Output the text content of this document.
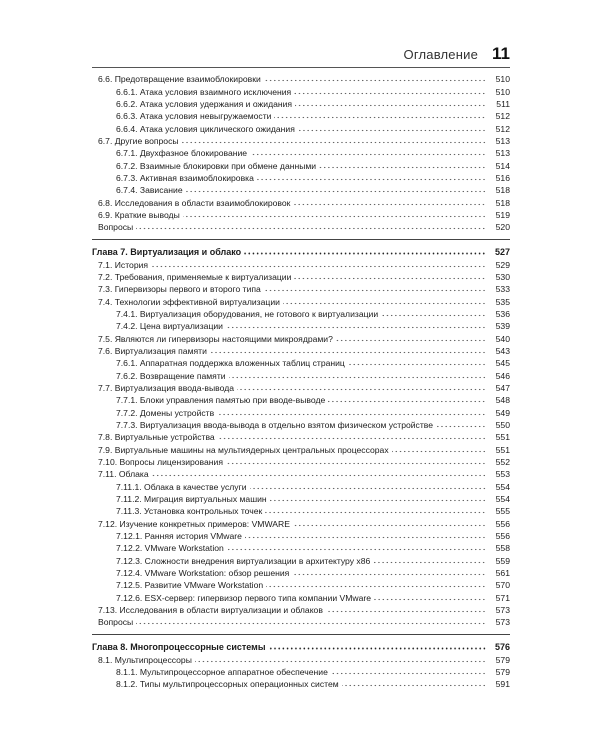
Оглавление 11
6.6. Предотвращение взаимоблокировки	510
6.6.1. Атака условия взаимного исключения	510
6.6.2. Атака условия удержания и ожидания	511
6.6.3. Атака условия невыгружаемости	512
6.6.4. Атака условия циклического ожидания	512
6.7. Другие вопросы	513
6.7.1. Двухфазное блокирование	513
6.7.2. Взаимные блокировки при обмене данными	514
6.7.3. Активная взаимоблокировка	516
6.7.4. Зависание	518
6.8. Исследования в области взаимоблокировок	518
6.9. Краткие выводы	519
Вопросы	520
Глава 7. Виртуализация и облако	527
7.1. История	529
7.2. Требования, применяемые к виртуализации	530
7.3. Гипервизоры первого и второго типа	533
7.4. Технологии эффективной виртуализации	535
7.4.1. Виртуализация оборудования, не готового к виртуализации	536
7.4.2. Цена виртуализации	539
7.5. Являются ли гипервизоры настоящими микроядрами?	540
7.6. Виртуализация памяти	543
7.6.1. Аппаратная поддержка вложенных таблиц страниц	545
7.6.2. Возвращение памяти	546
7.7. Виртуализация ввода-вывода	547
7.7.1. Блоки управления памятью при вводе-выводе	548
7.7.2. Домены устройств	549
7.7.3. Виртуализация ввода-вывода в отдельно взятом физическом устройстве	550
7.8. Виртуальные устройства	551
7.9. Виртуальные машины на мультиядерных центральных процессорах	551
7.10. Вопросы лицензирования	552
7.11. Облака	553
7.11.1. Облака в качестве услуги	554
7.11.2. Миграция виртуальных машин	554
7.11.3. Установка контрольных точек	555
7.12. Изучение конкретных примеров: VMWARE	556
7.12.1. Ранняя история VMware	556
7.12.2. VMware Workstation	558
7.12.3. Сложности внедрения виртуализации в архитектуру x86	559
7.12.4. VMware Workstation: обзор решения	561
7.12.5. Развитие VMware Workstation	570
7.12.6. ESX-сервер: гипервизор первого типа компании VMware	571
7.13. Исследования в области виртуализации и облаков	573
Вопросы	573
Глава 8. Многопроцессорные системы	576
8.1. Мультипроцессоры	579
8.1.1. Мультипроцессорное аппаратное обеспечение	579
8.1.2. Типы мультипроцессорных операционных систем	591
